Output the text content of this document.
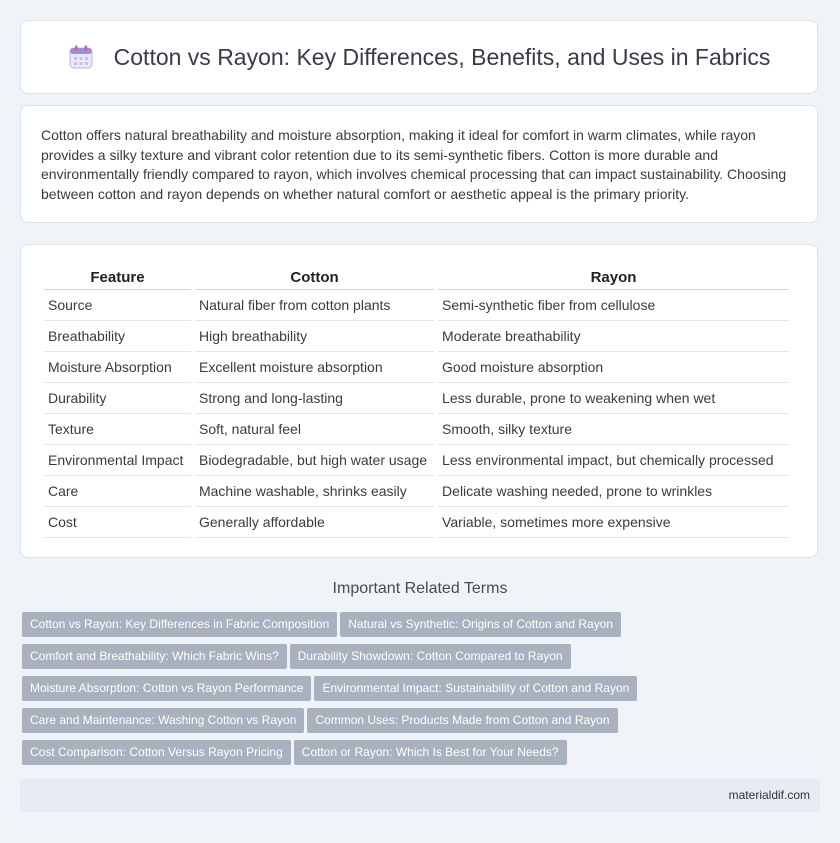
Cotton vs Rayon: Key Differences, Benefits, and Uses in Fabrics

Cotton offers natural breathability and moisture absorption, making it ideal for comfort in warm climates, while rayon provides a silky texture and vibrant color retention due to its semi-synthetic fibers. Cotton is more durable and environmentally friendly compared to rayon, which involves chemical processing that can impact sustainability. Choosing between cotton and rayon depends on whether natural comfort or aesthetic appeal is the primary priority.

Feature	Cotton	Rayon
Source	Natural fiber from cotton plants	Semi-synthetic fiber from cellulose
Breathability	High breathability	Moderate breathability
Moisture Absorption	Excellent moisture absorption	Good moisture absorption
Durability	Strong and long-lasting	Less durable, prone to weakening when wet
Texture	Soft, natural feel	Smooth, silky texture
Environmental Impact	Biodegradable, but high water usage	Less environmental impact, but chemically processed
Care	Machine washable, shrinks easily	Delicate washing needed, prone to wrinkles
Cost	Generally affordable	Variable, sometimes more expensive
Important Related Terms
Cotton vs Rayon: Key Differences in Fabric Composition Natural vs Synthetic: Origins of Cotton and Rayon
Comfort and Breathability: Which Fabric Wins? Durability Showdown: Cotton Compared to Rayon
Moisture Absorption: Cotton vs Rayon Performance Environmental Impact: Sustainability of Cotton and Rayon
Care and Maintenance: Washing Cotton vs Rayon Common Uses: Products Made from Cotton and Rayon
Cost Comparison: Cotton Versus Rayon Pricing Cotton or Rayon: Which Is Best for Your Needs?

materialdif.com
